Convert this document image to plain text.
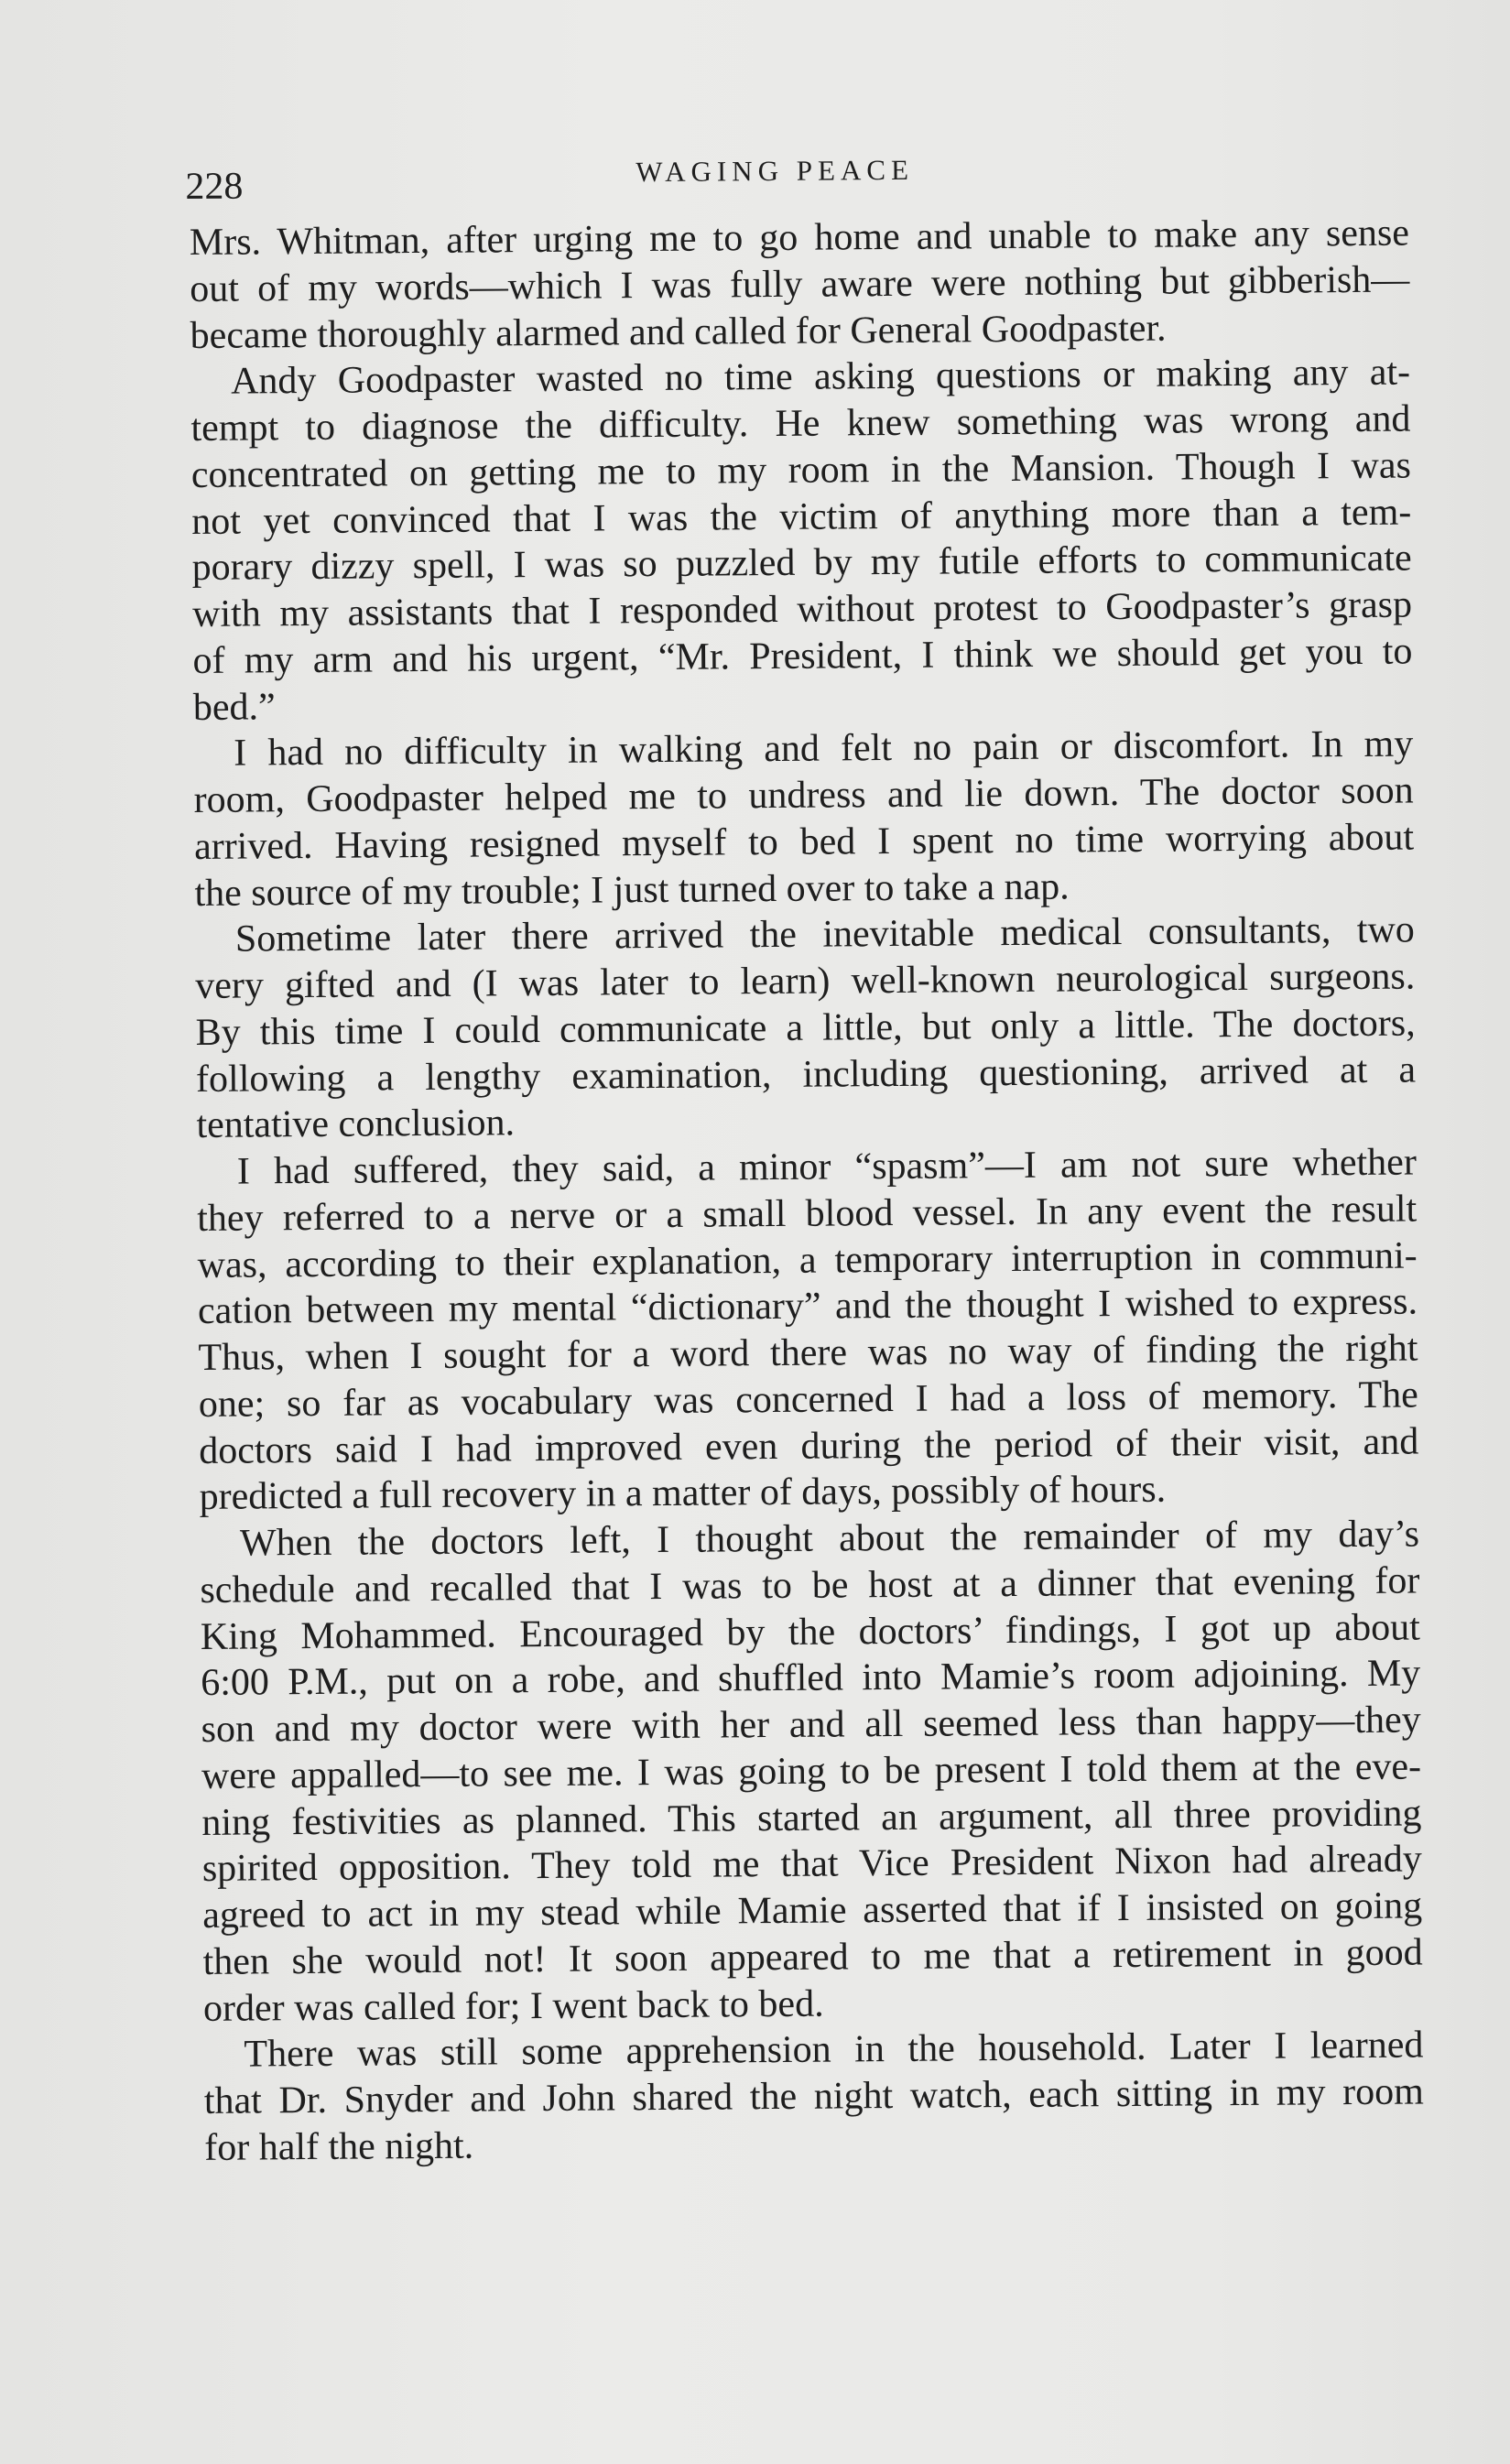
228	WAGING PEACE
Mrs. Whitman, after urging me to go home and unable to make any sense
out of my words—which I was fully aware were nothing but gibberish—
became thoroughly alarmed and called for General Goodpaster.
Andy Goodpaster wasted no time asking questions or making any at-
tempt to diagnose the difficulty. He knew something was wrong and
concentrated on getting me to my room in the Mansion. Though I was
not yet convinced that I was the victim of anything more than a tem-
porary dizzy spell, I was so puzzled by my futile efforts to communicate
with my assistants that I responded without protest to Goodpaster’s grasp
of my arm and his urgent, “Mr. President, I think we should get you to
bed.”
I had no difficulty in walking and felt no pain or discomfort. In my
room, Goodpaster helped me to undress and lie down. The doctor soon
arrived. Having resigned myself to bed I spent no time worrying about
the source of my trouble; I just turned over to take a nap.
Sometime later there arrived the inevitable medical consultants, two
very gifted and (I was later to learn) well-known neurological surgeons.
By this time I could communicate a little, but only a little. The doctors,
following a lengthy examination, including questioning, arrived at a
tentative conclusion.
I had suffered, they said, a minor “spasm”—I am not sure whether
they referred to a nerve or a small blood vessel. In any event the result
was, according to their explanation, a temporary interruption in communi-
cation between my mental “dictionary” and the thought I wished to express.
Thus, when I sought for a word there was no way of finding the right
one; so far as vocabulary was concerned I had a loss of memory. The
doctors said I had improved even during the period of their visit, and
predicted a full recovery in a matter of days, possibly of hours.
When the doctors left, I thought about the remainder of my day’s
schedule and recalled that I was to be host at a dinner that evening for
King Mohammed. Encouraged by the doctors’ findings, I got up about
6:00 P.M., put on a robe, and shuffled into Mamie’s room adjoining. My
son and my doctor were with her and all seemed less than happy—they
were appalled—to see me. I was going to be present I told them at the eve-
ning festivities as planned. This started an argument, all three providing
spirited opposition. They told me that Vice President Nixon had already
agreed to act in my stead while Mamie asserted that if I insisted on going
then she would not! It soon appeared to me that a retirement in good
order was called for; I went back to bed.
There was still some apprehension in the household. Later I learned
that Dr. Snyder and John shared the night watch, each sitting in my room
for half the night.
